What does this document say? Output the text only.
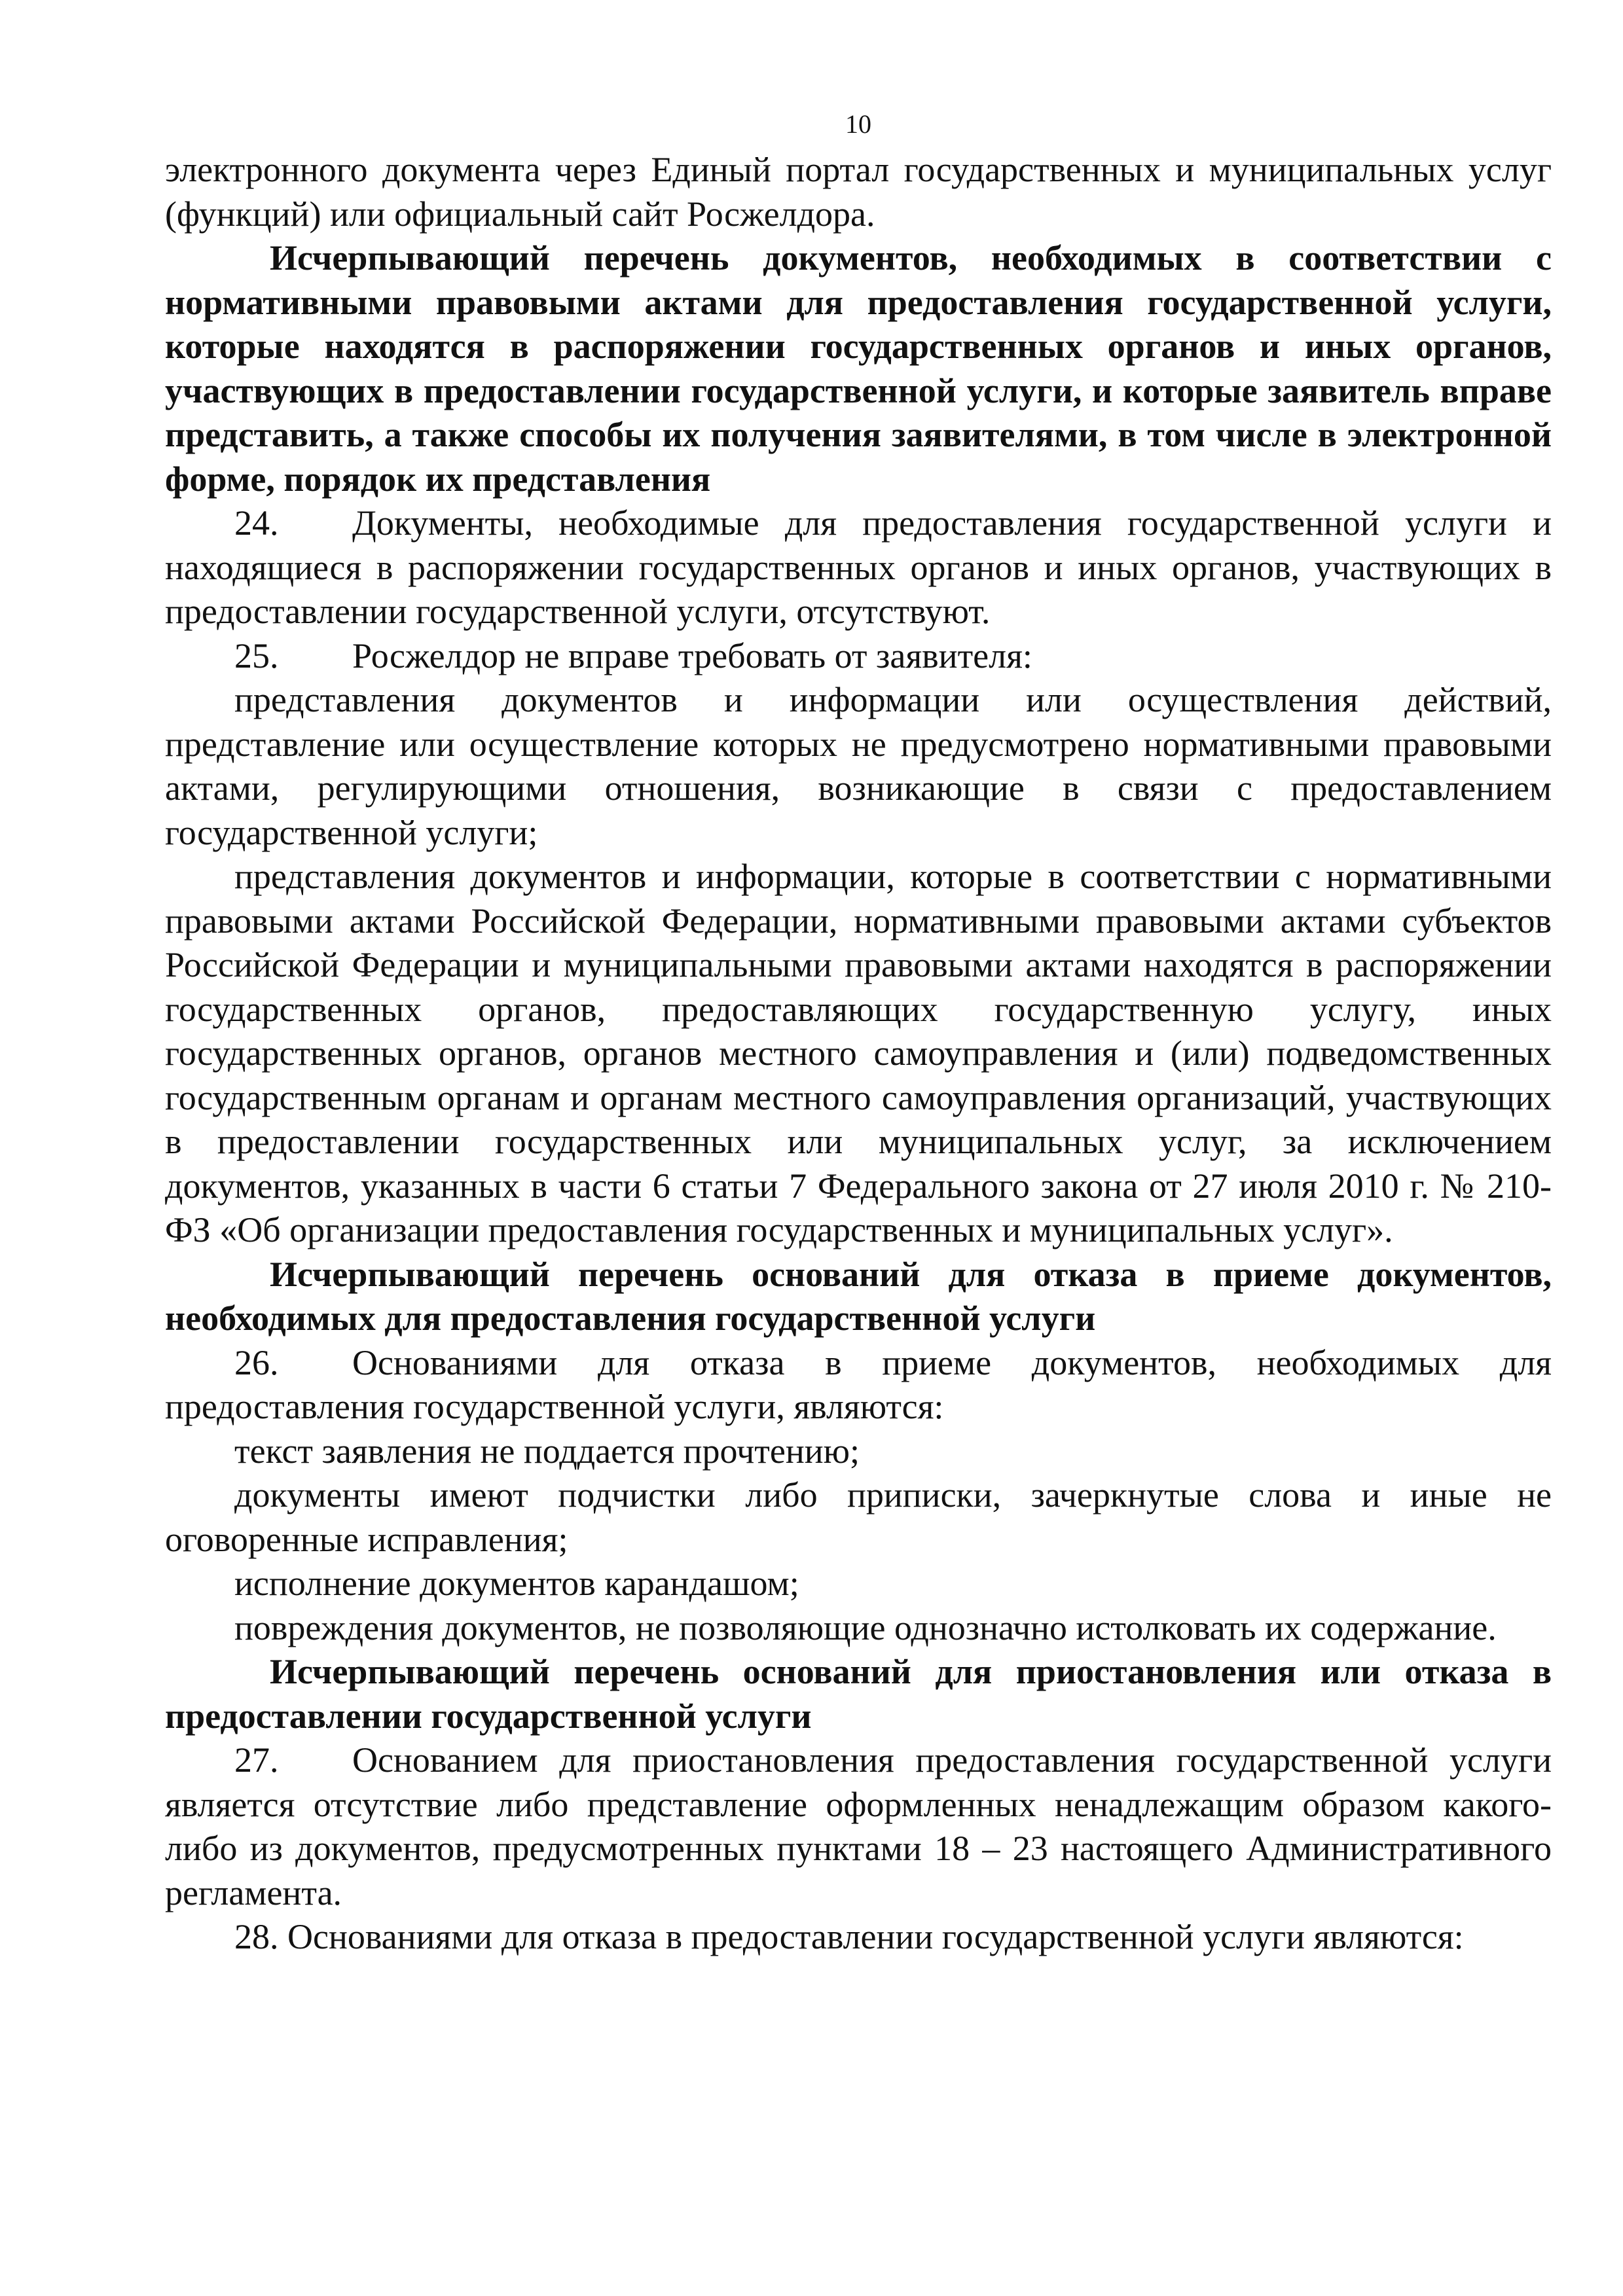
10

электронного документа через Единый портал государственных и муниципальных услуг (функций) или официальный сайт Росжелдора.

Исчерпывающий перечень документов, необходимых в соответствии с нормативными правовыми актами для предоставления государственной услуги, которые находятся в распоряжении государственных органов и иных органов, участвующих в предоставлении государственной услуги, и которые заявитель вправе представить, а также способы их получения заявителями, в том числе в электронной форме, порядок их представления

24. Документы, необходимые для предоставления государственной услуги и находящиеся в распоряжении государственных органов и иных органов, участвующих в предоставлении государственной услуги, отсутствуют.

25. Росжелдор не вправе требовать от заявителя:

представления документов и информации или осуществления действий, представление или осуществление которых не предусмотрено нормативными правовыми актами, регулирующими отношения, возникающие в связи с предоставлением государственной услуги;

представления документов и информации, которые в соответствии с нормативными правовыми актами Российской Федерации, нормативными правовыми актами субъектов Российской Федерации и муниципальными правовыми актами находятся в распоряжении государственных органов, предоставляющих государственную услугу, иных государственных органов, органов местного самоуправления и (или) подведомственных государственным органам и органам местного самоуправления организаций, участвующих в предоставлении государственных или муниципальных услуг, за исключением документов, указанных в части 6 статьи 7 Федерального закона от 27 июля 2010 г. № 210-ФЗ «Об организации предоставления государственных и муниципальных услуг».

Исчерпывающий перечень оснований для отказа в приеме документов, необходимых для предоставления государственной услуги

26. Основаниями для отказа в приеме документов, необходимых для предоставления государственной услуги, являются:

текст заявления не поддается прочтению;

документы имеют подчистки либо приписки, зачеркнутые слова и иные не оговоренные исправления;

исполнение документов карандашом;

повреждения документов, не позволяющие однозначно истолковать их содержание.

Исчерпывающий перечень оснований для приостановления или отказа в предоставлении государственной услуги

27. Основанием для приостановления предоставления государственной услуги является отсутствие либо представление оформленных ненадлежащим образом какого-либо из документов, предусмотренных пунктами 18 – 23 настоящего Административного регламента.

28. Основаниями для отказа в предоставлении государственной услуги являются:
